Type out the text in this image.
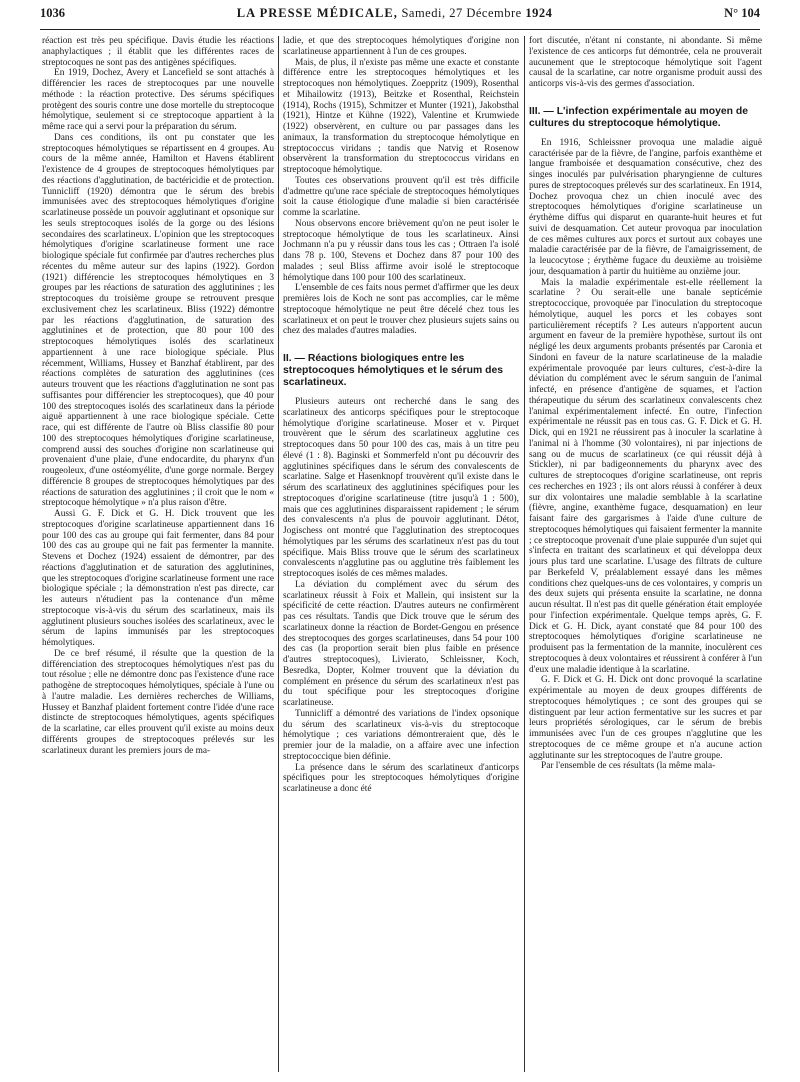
1036	LA PRESSE MÉDICALE, Samedi, 27 Décembre 1924	N° 104

réaction est très peu spécifique. Davis étudie les réactions anaphylactiques ; il établit que les différentes races de streptocoques ne sont pas des antigènes spécifiques.

En 1919, Dochez, Avery et Lancefield se sont attachés à différencier les races de streptocoques par une nouvelle méthode : la réaction protective. Des sérums spécifiques protègent des souris contre une dose mortelle du streptocoque hémolytique, seulement si ce streptocoque appartient à la même race qui a servi pour la préparation du sérum.

Dans ces conditions, ils ont pu constater que les streptocoques hémolytiques se répartissent en 4 groupes. Au cours de la même année, Hamilton et Havens établirent l'existence de 4 groupes de streptocoques hémolytiques par des réactions d'agglutination, de bactéricidie et de protection. Tunnicliff (1920) démontra que le sérum des brebis immunisées avec des streptocoques hémolytiques d'origine scarlatineuse possède un pouvoir agglutinant et opsonique sur les seuls streptocoques isolés de la gorge ou des lésions secondaires des scarlatineux. L'opinion que les streptocoques hémolytiques d'origine scarlatineuse forment une race biologique spéciale fut confirmée par d'autres recherches plus récentes du même auteur sur des lapins (1922). Gordon (1921) différencie les streptocoques hémolytiques en 3 groupes par les réactions de saturation des agglutinines ; les streptocoques du troisième groupe se retrouvent presque exclusivement chez les scarlatineux. Bliss (1922) démontre par les réactions d'agglutination, de saturation des agglutinines et de protection, que 80 pour 100 des streptocoques hémolytiques isolés des scarlatineux appartiennent à une race biologique spéciale. Plus récemment, Williams, Hussey et Banzhaf établirent, par des réactions complètes de saturation des agglutinines (ces auteurs trouvent que les réactions d'agglutination ne sont pas suffisantes pour différencier les streptocoques), que 40 pour 100 des streptocoques isolés des scarlatineux dans la période aiguë appartiennent à une race biologique spéciale. Cette race, qui est différente de l'autre où Bliss classifie 80 pour 100 des streptocoques hémolytiques d'origine scarlatineuse, comprend aussi des souches d'origine non scarlatineuse qui provenaient d'une plaie, d'une endocardite, du pharynx d'un rougeoleux, d'une ostéomyélite, d'une gorge normale. Bergey différencie 8 groupes de streptocoques hémolytiques par des réactions de saturation des agglutinines ; il croit que le nom « streptocoque hémolytique » n'a plus raison d'être.

Aussi G. F. Dick et G. H. Dick trouvent que les streptocoques d'origine scarlatineuse appartiennent dans 16 pour 100 des cas au groupe qui fait fermenter, dans 84 pour 100 des cas au groupe qui ne fait pas fermenter la mannite. Stevens et Dochez (1924) essaient de démontrer, par des réactions d'agglutination et de saturation des agglutinines, que les streptocoques d'origine scarlatineuse forment une race biologique spéciale ; la démonstration n'est pas directe, car les auteurs n'étudient pas la contenance d'un même streptocoque vis-à-vis du sérum des scarlatineux, mais ils agglutinent plusieurs souches isolées des scarlatineux, avec le sérum de lapins immunisés par les streptocoques hémolytiques.

De ce bref résumé, il résulte que la question de la différenciation des streptocoques hémolytiques n'est pas du tout résolue ; elle ne démontre donc pas l'existence d'une race pathogène de streptocoques hémolytiques, spéciale à l'une ou à l'autre maladie. Les dernières recherches de Williams, Hussey et Banzhaf plaident fortement contre l'idée d'une race distincte de streptocoques hémolytiques, agents spécifiques de la scarlatine, car elles prouvent qu'il existe au moins deux différents groupes de streptocoques prélevés sur les scarlatineux durant les premiers jours de ma-

ladie, et que des streptocoques hémolytiques d'origine non scarlatineuse appartiennent à l'un de ces groupes.

Mais, de plus, il n'existe pas même une exacte et constante différence entre les streptocoques hémolytiques et les streptocoques non hémolytiques. Zoeppritz (1909), Rosenthal et Mihailowitz (1913), Beitzke et Rosenthal, Reichstein (1914), Rochs (1915), Schmitzer et Munter (1921), Jakobsthal (1921), Hintze et Kühne (1922), Valentine et Krumwiede (1922) observèrent, en culture ou par passages dans les animaux, la transformation du streptocoque hémolytique en streptococcus viridans ; tandis que Natvig et Rosenow observèrent la transformation du streptococcus viridans en streptocoque hémolytique.

Toutes ces observations prouvent qu'il est très difficile d'admettre qu'une race spéciale de streptocoques hémolytiques soit la cause étiologique d'une maladie si bien caractérisée comme la scarlatine.

Nous observons encore brièvement qu'on ne peut isoler le streptocoque hémolytique de tous les scarlatineux. Ainsi Jochmann n'a pu y réussir dans tous les cas ; Ottraen l'a isolé dans 78 p. 100, Stevens et Dochez dans 87 pour 100 des malades ; seul Bliss affirme avoir isolé le streptocoque hémolytique dans 100 pour 100 des scarlatineux.

L'ensemble de ces faits nous permet d'affirmer que les deux premières lois de Koch ne sont pas accomplies, car le même streptocoque hémolytique ne peut être décelé chez tous les scarlatineux et on peut le trouver chez plusieurs sujets sains ou chez des malades d'autres maladies.

II. — Réactions biologiques entre les streptocoques hémolytiques et le sérum des scarlatineux.

Plusieurs auteurs ont recherché dans le sang des scarlatineux des anticorps spécifiques pour le streptocoque hémolytique d'origine scarlatineuse. Moser et v. Pirquet trouvèrent que le sérum des scarlatineux agglutine ces streptocoques dans 50 pour 100 des cas, mais à un titre peu élevé (1 : 8). Baginski et Sommerfeld n'ont pu découvrir des agglutinines spécifiques dans le sérum des convalescents de scarlatine. Salge et Hasenknopf trouvèrent qu'il existe dans le sérum des scarlatineux des agglutinines spécifiques pour les streptocoques d'origine scarlatineuse (titre jusqu'à 1 : 500), mais que ces agglutinines disparaissent rapidement ; le sérum des convalescents n'a plus de pouvoir agglutinant. Détot, Jogischess ont montré que l'agglutination des streptocoques hémolytiques par les sérums des scarlatineux n'est pas du tout spécifique. Mais Bliss trouve que le sérum des scarlatineux convalescents n'agglutine pas ou agglutine très faiblement les streptocoques isolés de ces mêmes malades.

La déviation du complément avec du sérum des scarlatineux réussit à Foix et Mallein, qui insistent sur la spécificité de cette réaction. D'autres auteurs ne confirmèrent pas ces résultats. Tandis que Dick trouve que le sérum des scarlatineux donne la réaction de Bordet-Gengou en présence des streptocoques des gorges scarlatineuses, dans 54 pour 100 des cas (la proportion serait bien plus faible en présence d'autres streptocoques), Livierato, Schleissner, Koch, Besredka, Dopter, Kolmer trouvent que la déviation du complément en présence du sérum des scarlatineux n'est pas du tout spécifique pour les streptocoques d'origine scarlatineuse.

Tunnicliff a démontré des variations de l'index opsonique du sérum des scarlatineux vis-à-vis du streptocoque hémolytique ; ces variations démontreraient que, dès le premier jour de la maladie, on a affaire avec une infection streptococcique bien définie.

La présence dans le sérum des scarlatineux d'anticorps spécifiques pour les streptocoques hémolytiques d'origine scarlatineuse a donc été

fort discutée, n'étant ni constante, ni abondante. Si même l'existence de ces anticorps fut démontrée, cela ne prouverait aucunement que le streptocoque hémolytique soit l'agent causal de la scarlatine, car notre organisme produit aussi des anticorps vis-à-vis des germes d'association.

III. — L'infection expérimentale au moyen de cultures du streptocoque hémolytique.

En 1916, Schleissner provoqua une maladie aiguë caractérisée par de la fièvre, de l'angine, parfois exanthème et langue framboisée et desquamation consécutive, chez des singes inoculés par pulvérisation pharyngienne de cultures pures de streptocoques prélevés sur des scarlatineux. En 1914, Dochez provoqua chez un chien inoculé avec des streptocoques hémolytiques d'origine scarlatineuse un érythème diffus qui disparut en quarante-huit heures et fut suivi de desquamation. Cet auteur provoqua par inoculation de ces mêmes cultures aux porcs et surtout aux cobayes une maladie caractérisée par de la fièvre, de l'amaigrissement, de la leucocytose ; érythème fugace du deuxième au troisième jour, desquamation à partir du huitième au onzième jour.

Mais la maladie expérimentale est-elle réellement la scarlatine ? Ou serait-elle une banale septicémie streptococcique, provoquée par l'inoculation du streptocoque hémolytique, auquel les porcs et les cobayes sont particulièrement réceptifs ? Les auteurs n'apportent aucun argument en faveur de la première hypothèse, surtout ils ont négligé les deux arguments probants présentés par Caronia et Sindoni en faveur de la nature scarlatineuse de la maladie expérimentale provoquée par leurs cultures, c'est-à-dire la déviation du complément avec le sérum sanguin de l'animal infecté, en présence d'antigène de squames, et l'action thérapeutique du sérum des scarlatineux convalescents chez l'animal expérimentalement infecté. En outre, l'infection expérimentale ne réussit pas en tous cas. G. F. Dick et G. H. Dick, qui en 1921 ne réussirent pas à inoculer la scarlatine à l'animal ni à l'homme (30 volontaires), ni par injections de sang ou de mucus de scarlatineux (ce qui réussit déjà à Stickler), ni par badigeonnements du pharynx avec des cultures de streptocoques d'origine scarlatineuse, ont repris ces recherches en 1923 ; ils ont alors réussi à conférer à deux sur dix volontaires une maladie semblable à la scarlatine (fièvre, angine, exanthème fugace, desquamation) en leur faisant faire des gargarismes à l'aide d'une culture de streptocoques hémolytiques qui faisaient fermenter la mannite ; ce streptocoque provenait d'une plaie suppurée d'un sujet qui s'infecta en traitant des scarlatineux et qui développa deux jours plus tard une scarlatine. L'usage des filtrats de culture par Berkefeld V, préalablement essayé dans les mêmes conditions chez quelques-uns de ces volontaires, y compris un des deux sujets qui présenta ensuite la scarlatine, ne donna aucun résultat. Il n'est pas dit quelle génération était employée pour l'infection expérimentale. Quelque temps après, G. F. Dick et G. H. Dick, ayant constaté que 84 pour 100 des streptocoques hémolytiques d'origine scarlatineuse ne produisent pas la fermentation de la mannite, inoculèrent ces streptocoques à deux volontaires et réussirent à conférer à l'un d'eux une maladie identique à la scarlatine.

G. F. Dick et G. H. Dick ont donc provoqué la scarlatine expérimentale au moyen de deux groupes différents de streptocoques hémolytiques ; ce sont des groupes qui se distinguent par leur action fermentative sur les sucres et par leurs propriétés sérologiques, car le sérum de brebis immunisées avec l'un de ces groupes n'agglutine que les streptocoques de ce même groupe et n'a aucune action agglutinante sur les streptocoques de l'autre groupe.

Par l'ensemble de ces résultats (la même mala-
